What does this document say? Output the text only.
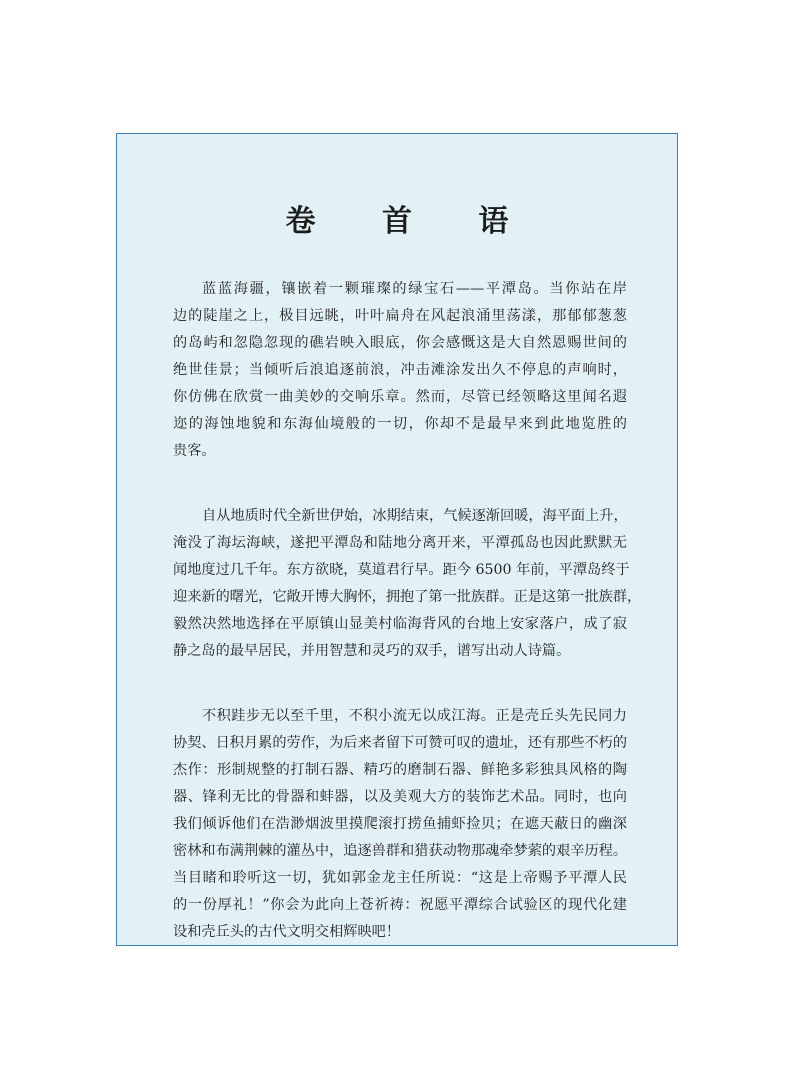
卷 首 语
蓝蓝海疆，镶嵌着一颗璀璨的绿宝石——平潭岛。当你站在岸
边的陡崖之上，极目远眺，叶叶扁舟在风起浪涌里荡漾，那郁郁葱葱
的岛屿和忽隐忽现的礁岩映入眼底，你会感慨这是大自然恩赐世间的
绝世佳景；当倾听后浪追逐前浪，冲击滩涂发出久不停息的声响时，
你仿佛在欣赏一曲美妙的交响乐章。然而，尽管已经领略这里闻名遐
迩的海蚀地貌和东海仙境般的一切，你却不是最早来到此地览胜的
贵客。
自从地质时代全新世伊始，冰期结束，气候逐渐回暖，海平面上升，
淹没了海坛海峡，遂把平潭岛和陆地分离开来，平潭孤岛也因此默默无
闻地度过几千年。东方欲晓，莫道君行早。距今 6500 年前，平潭岛终于
迎来新的曙光，它敞开博大胸怀，拥抱了第一批族群。正是这第一批族群，
毅然决然地选择在平原镇山显美村临海背风的台地上安家落户，成了寂
静之岛的最早居民，并用智慧和灵巧的双手，谱写出动人诗篇。
不积跬步无以至千里，不积小流无以成江海。正是壳丘头先民同力
协契、日积月累的劳作，为后来者留下可赞可叹的遗址，还有那些不朽的
杰作：形制规整的打制石器、精巧的磨制石器、鲜艳多彩独具风格的陶
器、锋利无比的骨器和蚌器，以及美观大方的装饰艺术品。同时，也向
我们倾诉他们在浩渺烟波里摸爬滚打捞鱼捕虾捡贝；在遮天蔽日的幽深
密林和布满荆棘的灌丛中，追逐兽群和猎获动物那魂牵梦萦的艰辛历程。
当目睹和聆听这一切，犹如郭金龙主任所说：“这是上帝赐予平潭人民
的一份厚礼！”你会为此向上苍祈祷：祝愿平潭综合试验区的现代化建
设和壳丘头的古代文明交相辉映吧！
